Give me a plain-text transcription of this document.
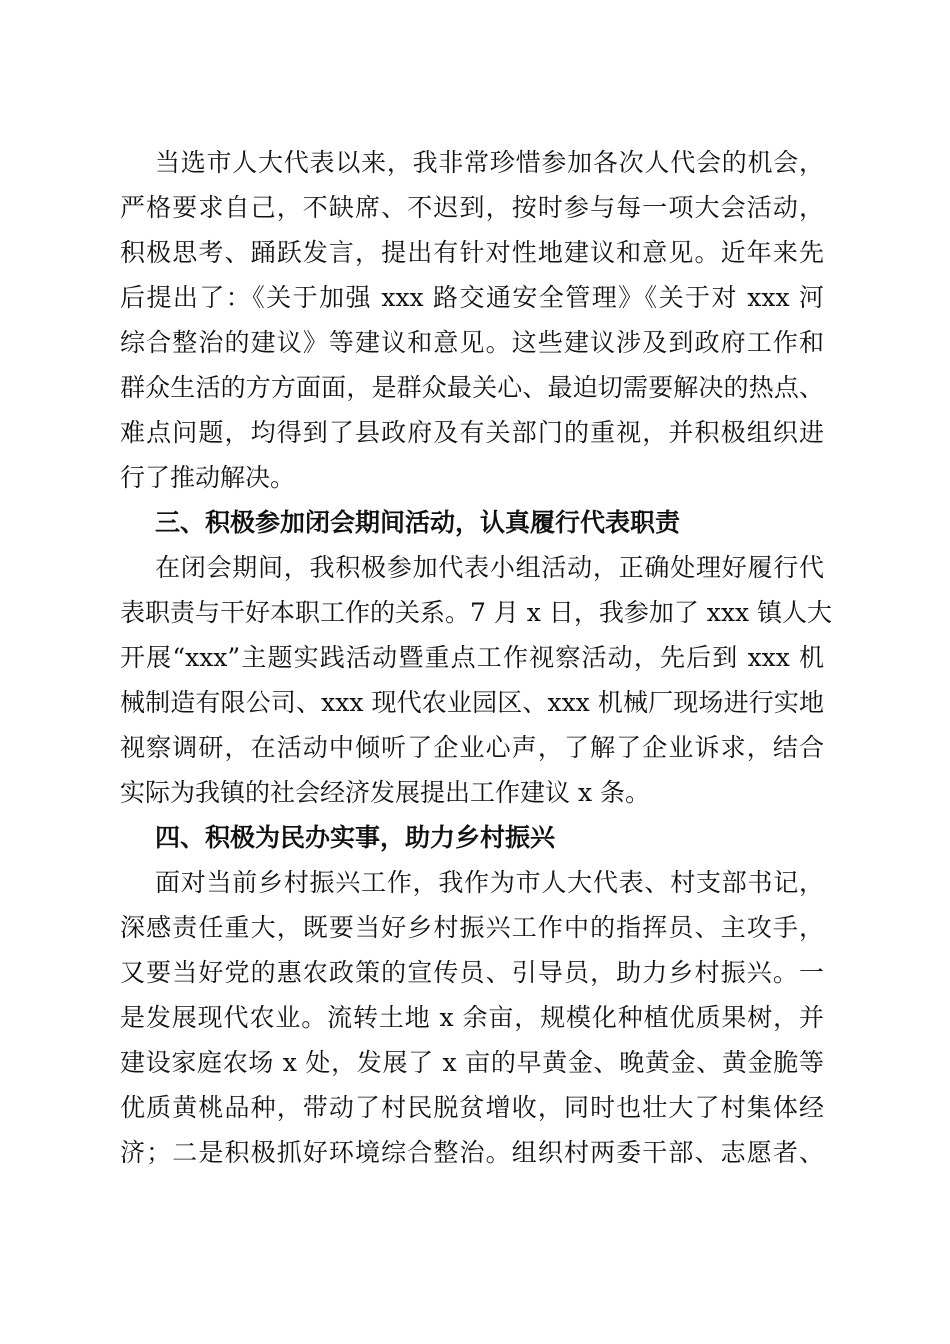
当选市人大代表以来，我非常珍惜参加各次人代会的机会，
严格要求自己，不缺席、不迟到，按时参与每一项大会活动，
积极思考、踊跃发言，提出有针对性地建议和意见。近年来先
后提出了：《关于加强 xxx 路交通安全管理》《关于对 xxx 河
综合整治的建议》等建议和意见。这些建议涉及到政府工作和
群众生活的方方面面，是群众最关心、最迫切需要解决的热点、
难点问题，均得到了县政府及有关部门的重视，并积极组织进
行了推动解决。
三、积极参加闭会期间活动，认真履行代表职责
在闭会期间，我积极参加代表小组活动，正确处理好履行代
表职责与干好本职工作的关系。7 月 x 日，我参加了 xxx 镇人大
开展“xxx”主题实践活动暨重点工作视察活动，先后到 xxx 机
械制造有限公司、xxx 现代农业园区、xxx 机械厂现场进行实地
视察调研，在活动中倾听了企业心声，了解了企业诉求，结合
实际为我镇的社会经济发展提出工作建议 x 条。
四、积极为民办实事，助力乡村振兴
面对当前乡村振兴工作，我作为市人大代表、村支部书记，
深感责任重大，既要当好乡村振兴工作中的指挥员、主攻手，
又要当好党的惠农政策的宣传员、引导员，助力乡村振兴。一
是发展现代农业。流转土地 x 余亩，规模化种植优质果树，并
建设家庭农场 x 处，发展了 x 亩的早黄金、晚黄金、黄金脆等
优质黄桃品种，带动了村民脱贫增收，同时也壮大了村集体经
济；二是积极抓好环境综合整治。组织村两委干部、志愿者、
